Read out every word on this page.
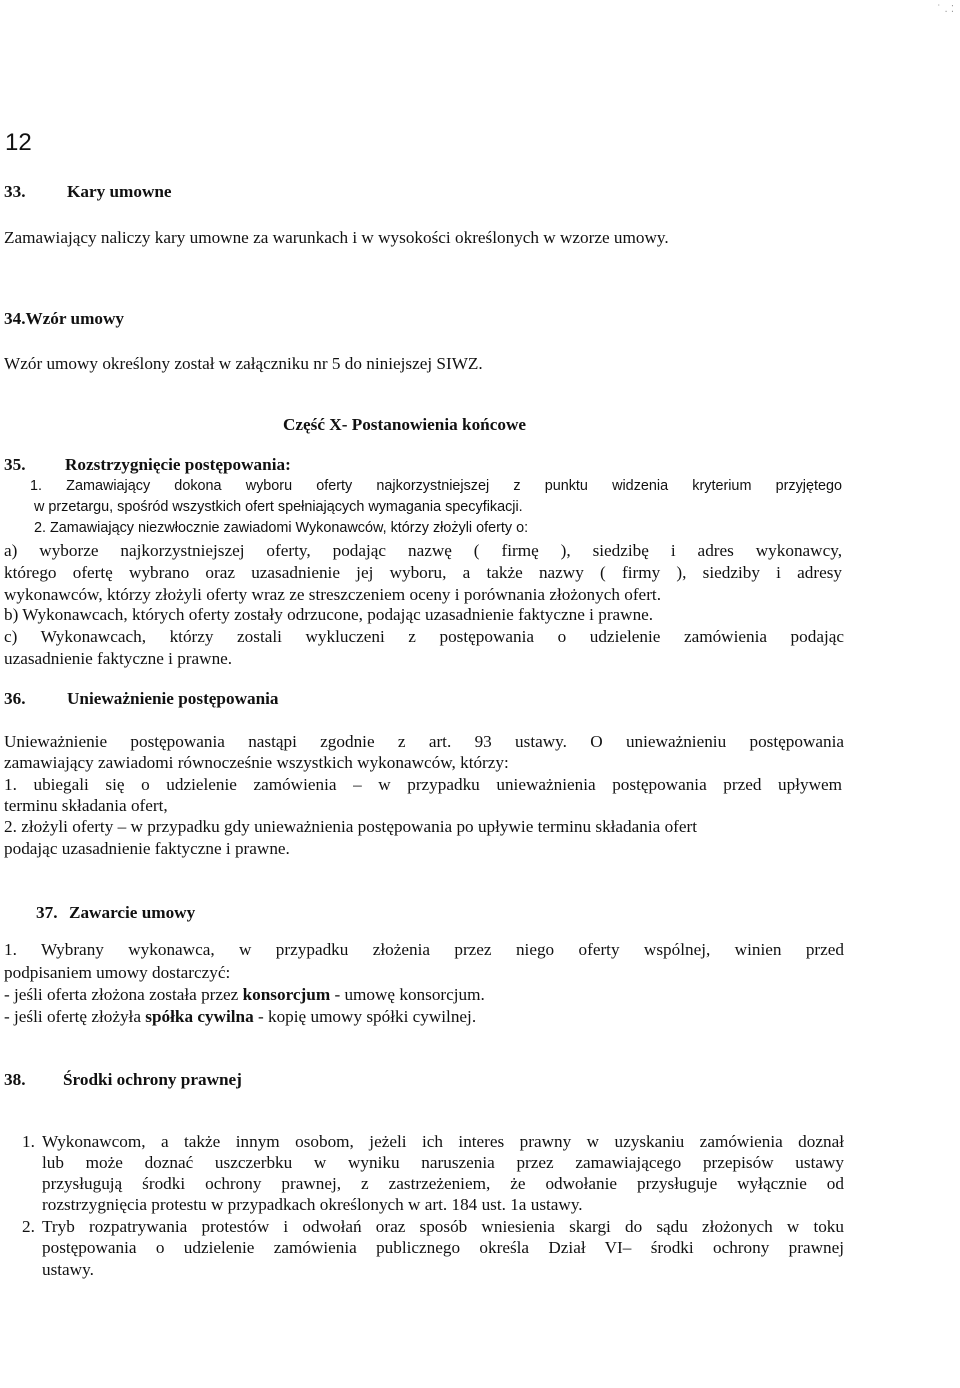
˙ . ⁚
12
33. Kary umowne
Zamawiający naliczy kary umowne za warunkach i w wysokości określonych w wzorze umowy.
34.Wzór umowy
Wzór umowy określony został w załączniku nr 5 do niniejszej SIWZ.
Część X- Postanowienia końcowe
35. Rozstrzygnięcie postępowania:
1. Zamawiający dokona wyboru oferty najkorzystniejszej z punktu widzenia kryterium przyjętego
w przetargu, spośród wszystkich ofert spełniających wymagania specyfikacji.
2. Zamawiający niezwłocznie zawiadomi Wykonawców, którzy złożyli oferty o:
a) wyborze najkorzystniejszej oferty, podając nazwę ( firmę ), siedzibę i adres wykonawcy,
którego ofertę wybrano oraz uzasadnienie jej wyboru, a także nazwy ( firmy ), siedziby i adresy
wykonawców, którzy złożyli oferty wraz ze streszczeniem oceny i porównania złożonych ofert.
b) Wykonawcach, których oferty zostały odrzucone, podając uzasadnienie faktyczne i prawne.
c) Wykonawcach, którzy zostali wykluczeni z postępowania o udzielenie zamówienia podając
uzasadnienie faktyczne i prawne.
36. Unieważnienie postępowania
Unieważnienie postępowania nastąpi zgodnie z art. 93 ustawy. O unieważnieniu postępowania
zamawiający zawiadomi równocześnie wszystkich wykonawców, którzy:
1. ubiegali się o udzielenie zamówienia – w przypadku unieważnienia postępowania przed upływem
terminu składania ofert,
2. złożyli oferty – w przypadku gdy unieważnienia postępowania po upływie terminu składania ofert
podając uzasadnienie faktyczne i prawne.
37. Zawarcie umowy
1. Wybrany wykonawca, w przypadku złożenia przez niego oferty wspólnej, winien przed
podpisaniem umowy dostarczyć:
- jeśli oferta złożona została przez konsorcjum - umowę konsorcjum.
- jeśli ofertę złożyła spółka cywilna - kopię umowy spółki cywilnej.
38. Środki ochrony prawnej
1. Wykonawcom, a także innym osobom, jeżeli ich interes prawny w uzyskaniu zamówienia doznał
lub może doznać uszczerbku w wyniku naruszenia przez zamawiającego przepisów ustawy
przysługują środki ochrony prawnej, z zastrzeżeniem, że odwołanie przysługuje wyłącznie od
rozstrzygnięcia protestu w przypadkach określonych w art. 184 ust. 1a ustawy.
2. Tryb rozpatrywania protestów i odwołań oraz sposób wniesienia skargi do sądu złożonych w toku
postępowania o udzielenie zamówienia publicznego określa Dział VI– środki ochrony prawnej
ustawy.
